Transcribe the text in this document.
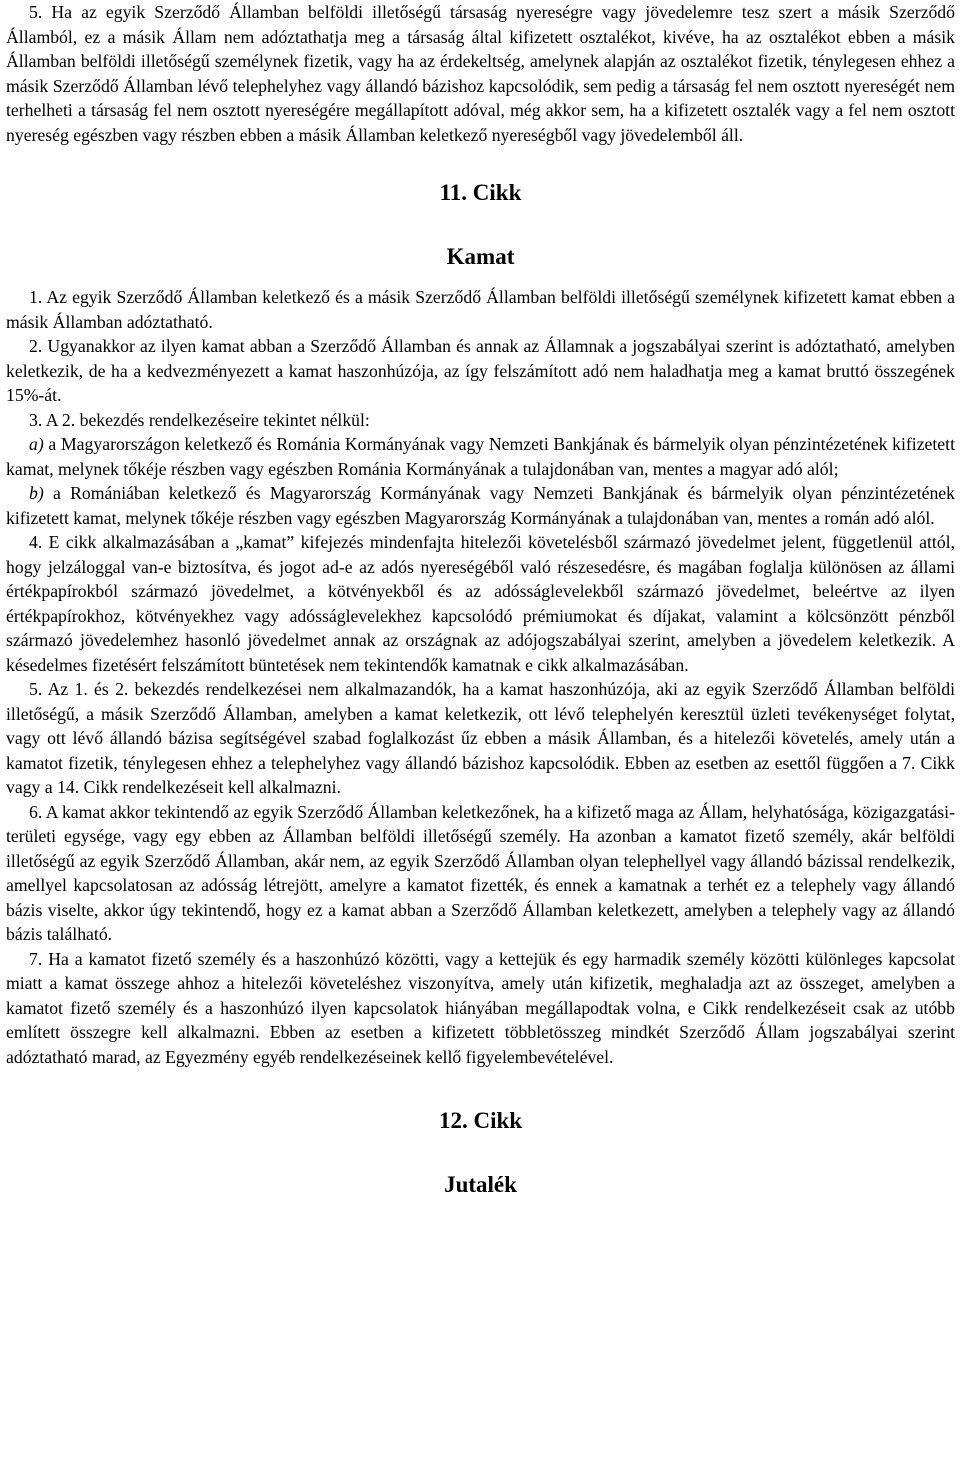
5. Ha az egyik Szerződő Államban belföldi illetőségű társaság nyereségre vagy jövedelemre tesz szert a másik Szerződő Államból, ez a másik Állam nem adóztathatja meg a társaság által kifizetett osztalékot, kivéve, ha az osztalékot ebben a másik Államban belföldi illetőségű személynek fizetik, vagy ha az érdekeltség, amelynek alapján az osztalékot fizetik, ténylegesen ehhez a másik Szerződő Államban lévő telephelyhez vagy állandó bázishoz kapcsolódik, sem pedig a társaság fel nem osztott nyereségét nem terhelheti a társaság fel nem osztott nyereségére megállapított adóval, még akkor sem, ha a kifizetett osztalék vagy a fel nem osztott nyereség egészben vagy részben ebben a másik Államban keletkező nyereségből vagy jövedelemből áll.

11. Cikk
Kamat

1. Az egyik Szerződő Államban keletkező és a másik Szerződő Államban belföldi illetőségű személynek kifizetett kamat ebben a másik Államban adóztatható.

2. Ugyanakkor az ilyen kamat abban a Szerződő Államban és annak az Államnak a jogszabályai szerint is adóztatható, amelyben keletkezik, de ha a kedvezményezett a kamat haszonhúzója, az így felszámított adó nem haladhatja meg a kamat bruttó összegének 15%-át.

3. A 2. bekezdés rendelkezéseire tekintet nélkül:

a) a Magyarországon keletkező és Románia Kormányának vagy Nemzeti Bankjának és bármelyik olyan pénzintézetének kifizetett kamat, melynek tőkéje részben vagy egészben Románia Kormányának a tulajdonában van, mentes a magyar adó alól;

b) a Romániában keletkező és Magyarország Kormányának vagy Nemzeti Bankjának és bármelyik olyan pénzintézetének kifizetett kamat, melynek tőkéje részben vagy egészben Magyarország Kormányának a tulajdonában van, mentes a román adó alól.

4. E cikk alkalmazásában a „kamat” kifejezés mindenfajta hitelezői követelésből származó jövedelmet jelent, függetlenül attól, hogy jelzáloggal van-e biztosítva, és jogot ad-e az adós nyereségéből való részesedésre, és magában foglalja különösen az állami értékpapírokból származó jövedelmet, a kötvényekből és az adósságlevelekből származó jövedelmet, beleértve az ilyen értékpapírokhoz, kötvényekhez vagy adósságlevelekhez kapcsolódó prémiumokat és díjakat, valamint a kölcsönzött pénzből származó jövedelemhez hasonló jövedelmet annak az országnak az adójogszabályai szerint, amelyben a jövedelem keletkezik. A késedelmes fizetésért felszámított büntetések nem tekintendők kamatnak e cikk alkalmazásában.

5. Az 1. és 2. bekezdés rendelkezései nem alkalmazandók, ha a kamat haszonhúzója, aki az egyik Szerződő Államban belföldi illetőségű, a másik Szerződő Államban, amelyben a kamat keletkezik, ott lévő telephelyén keresztül üzleti tevékenységet folytat, vagy ott lévő állandó bázisa segítségével szabad foglalkozást űz ebben a másik Államban, és a hitelezői követelés, amely után a kamatot fizetik, ténylegesen ehhez a telephelyhez vagy állandó bázishoz kapcsolódik. Ebben az esetben az esettől függően a 7. Cikk vagy a 14. Cikk rendelkezéseit kell alkalmazni.

6. A kamat akkor tekintendő az egyik Szerződő Államban keletkezőnek, ha a kifizető maga az Állam, helyhatósága, közigazgatási-területi egysége, vagy egy ebben az Államban belföldi illetőségű személy. Ha azonban a kamatot fizető személy, akár belföldi illetőségű az egyik Szerződő Államban, akár nem, az egyik Szerződő Államban olyan telephellyel vagy állandó bázissal rendelkezik, amellyel kapcsolatosan az adósság létrejött, amelyre a kamatot fizették, és ennek a kamatnak a terhét ez a telephely vagy állandó bázis viselte, akkor úgy tekintendő, hogy ez a kamat abban a Szerződő Államban keletkezett, amelyben a telephely vagy az állandó bázis található.

7. Ha a kamatot fizető személy és a haszonhúzó közötti, vagy a kettejük és egy harmadik személy közötti különleges kapcsolat miatt a kamat összege ahhoz a hitelezői követeléshez viszonyítva, amely után kifizetik, meghaladja azt az összeget, amelyben a kamatot fizető személy és a haszonhúzó ilyen kapcsolatok hiányában megállapodtak volna, e Cikk rendelkezéseit csak az utóbb említett összegre kell alkalmazni. Ebben az esetben a kifizetett többletösszeg mindkét Szerződő Állam jogszabályai szerint adóztatható marad, az Egyezmény egyéb rendelkezéseinek kellő figyelembevételével.

12. Cikk
Jutalék
